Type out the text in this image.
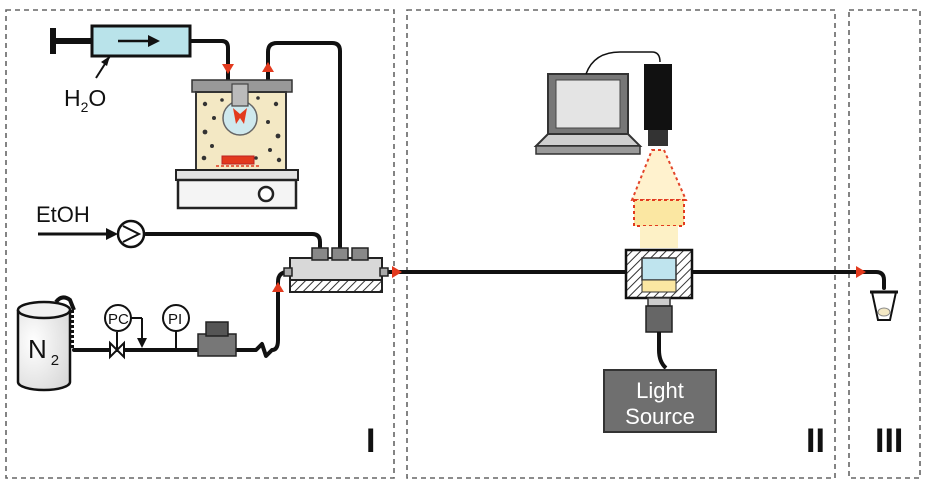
I	II III
$H_2O$
EtOH
N $_2$
PC	PI
Light
Source
